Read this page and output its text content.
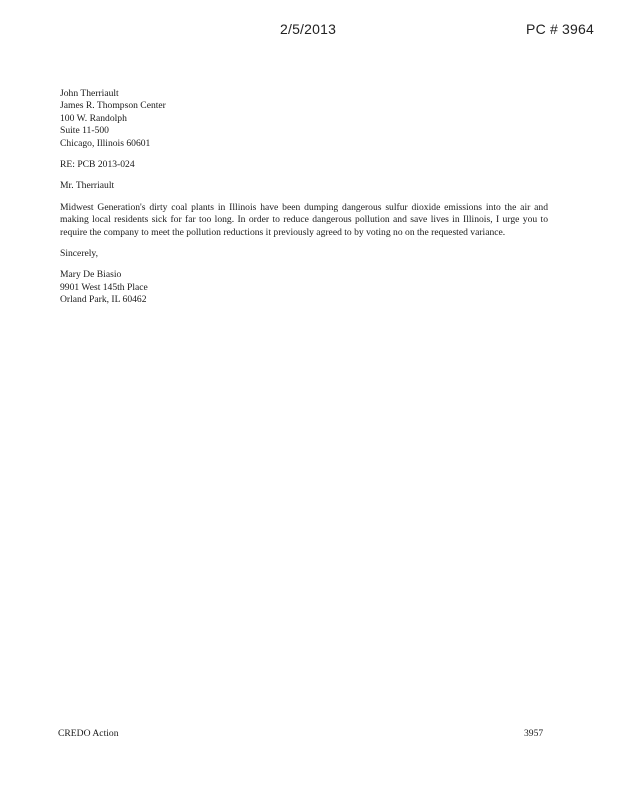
2/5/2013	PC # 3964
John Therriault
James R. Thompson Center
100 W. Randolph
Suite 11-500
Chicago, Illinois 60601
RE: PCB 2013-024
Mr. Therriault
Midwest Generation's dirty coal plants in Illinois have been dumping dangerous sulfur dioxide emissions into the air and making local residents sick for far too long. In order to reduce dangerous pollution and save lives in Illinois, I urge you to require the company to meet the pollution reductions it previously agreed to by voting no on the requested variance.
Sincerely,
Mary De Biasio
9901 West 145th Place
Orland Park, IL 60462
CREDO Action	3957
